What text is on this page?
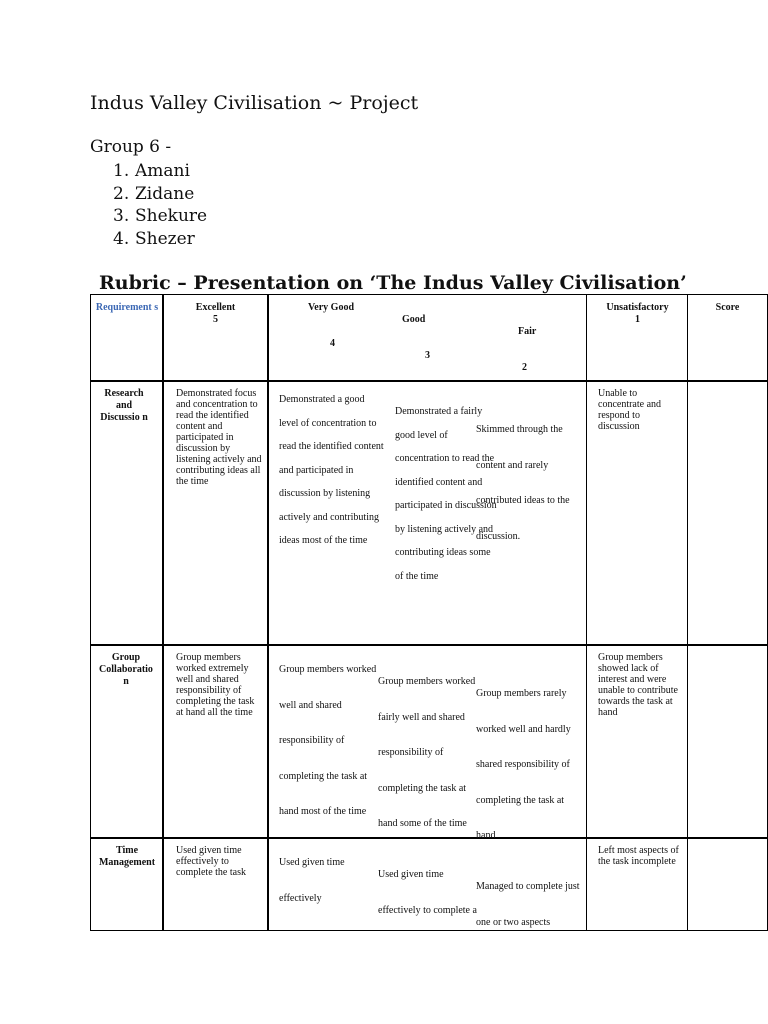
Indus Valley Civilisation ~ Project
Group 6 -
1. Amani
2. Zidane
3. Shekure
4. Shezer
Rubric – Presentation on ‘The Indus Valley Civilisation’
Requirement s	Excellent
5
Very Good
Good
Fair
4
3
2
Unsatisfactory
1
Score
Research and Discussio n
Demonstrated focus and concentration to read the identified content and participated in discussion by listening actively and contributing ideas all the time
Demonstrated a good level of concentration to read the identified content and participated in discussion by listening actively and contributing ideas most of the time
Demonstrated a fairly good level of concentration to read the identified content and participated in discussion by listening actively and contributing ideas some of the time
Skimmed through the content and rarely contributed ideas to the discussion.
Unable to concentrate and respond to discussion
Group Collaboratio n
Group members worked extremely well and shared responsibility of completing the task at hand all the time
Group members worked well and shared responsibility of completing the task at hand most of the time
Group members worked fairly well and shared responsibility of completing the task at hand some of the time
Group members rarely worked well and hardly shared responsibility of completing the task at hand
Group members showed lack of interest and were unable to contribute towards the task at hand
Time Management
Used given time effectively to complete the task
Used given time effectively
Used given time effectively to complete a
Managed to complete just one or two aspects
Left most aspects of the task incomplete
